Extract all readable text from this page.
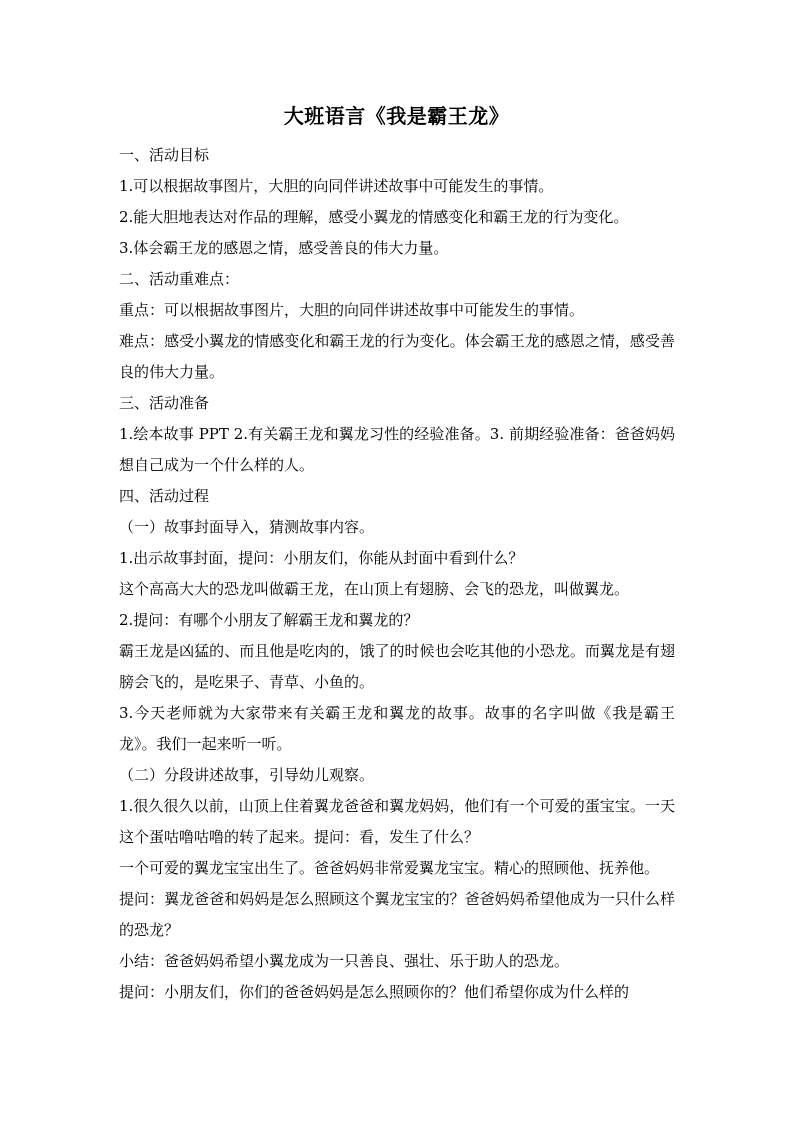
大班语言《我是霸王龙》

一、活动目标

1.可以根据故事图片，大胆的向同伴讲述故事中可能发生的事情。

2.能大胆地表达对作品的理解，感受小翼龙的情感变化和霸王龙的行为变化。

3.体会霸王龙的感恩之情，感受善良的伟大力量。

二、活动重难点：

重点：可以根据故事图片，大胆的向同伴讲述故事中可能发生的事情。

难点：感受小翼龙的情感变化和霸王龙的行为变化。体会霸王龙的感恩之情，感受善良的伟大力量。

三、活动准备

1.绘本故事 PPT 2.有关霸王龙和翼龙习性的经验准备。3. 前期经验准备：爸爸妈妈想自己成为一个什么样的人。

四、活动过程

（一）故事封面导入，猜测故事内容。

1.出示故事封面，提问：小朋友们，你能从封面中看到什么？

这个高高大大的恐龙叫做霸王龙，在山顶上有翅膀、会飞的恐龙，叫做翼龙。

2.提问：有哪个小朋友了解霸王龙和翼龙的？

霸王龙是凶猛的、而且他是吃肉的，饿了的时候也会吃其他的小恐龙。而翼龙是有翅膀会飞的，是吃果子、青草、小鱼的。

3.今天老师就为大家带来有关霸王龙和翼龙的故事。故事的名字叫做《我是霸王龙》。我们一起来听一听。

（二）分段讲述故事，引导幼儿观察。

1.很久很久以前，山顶上住着翼龙爸爸和翼龙妈妈，他们有一个可爱的蛋宝宝。一天这个蛋咕噜咕噜的转了起来。提问：看，发生了什么？

一个可爱的翼龙宝宝出生了。爸爸妈妈非常爱翼龙宝宝。精心的照顾他、抚养他。

提问：翼龙爸爸和妈妈是怎么照顾这个翼龙宝宝的？爸爸妈妈希望他成为一只什么样的恐龙？

小结：爸爸妈妈希望小翼龙成为一只善良、强壮、乐于助人的恐龙。

提问：小朋友们，你们的爸爸妈妈是怎么照顾你的？他们希望你成为什么样的
